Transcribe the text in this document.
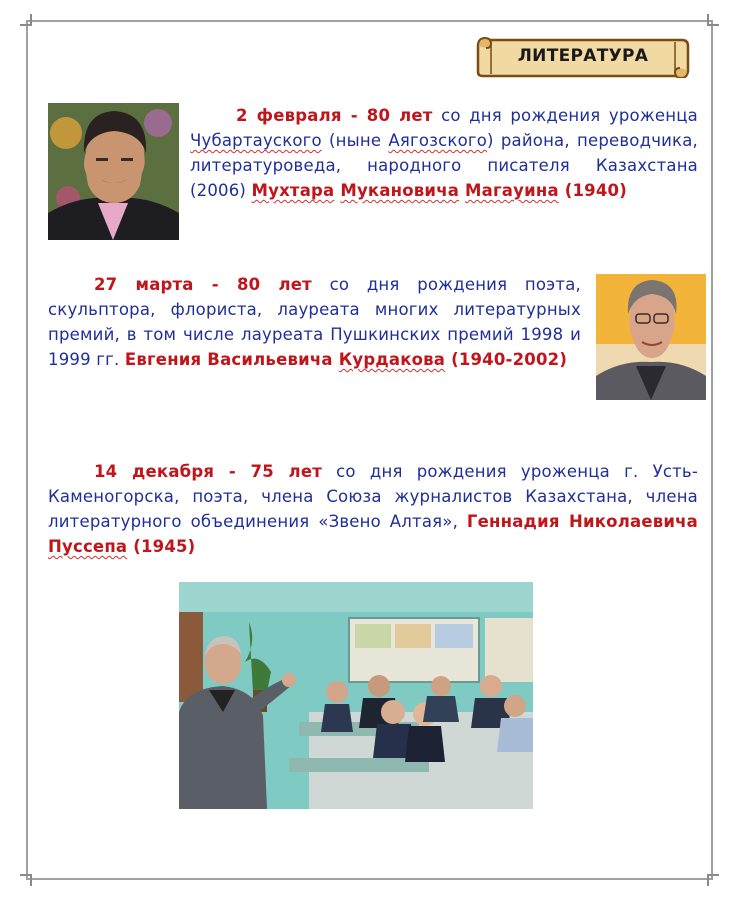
ЛИТЕРАТУРА
2 февраля - 80 лет со дня рождения уроженца Чубартауского (ныне Аягозского) района, переводчика, литературоведа, народного писателя Казахстана (2006) Мухтара Мукановича Магауина (1940)
27 марта - 80 лет со дня рождения поэта, скульптора, флориста, лауреата многих литературных премий, в том числе лауреата Пушкинских премий 1998 и 1999 гг. Евгения Васильевича Курдакова (1940-2002)
14 декабря - 75 лет со дня рождения уроженца г. Усть-Каменогорска, поэта, члена Союза журналистов Казахстана, члена литературного объединения «Звено Алтая», Геннадия Николаевича Пуссепа (1945)
